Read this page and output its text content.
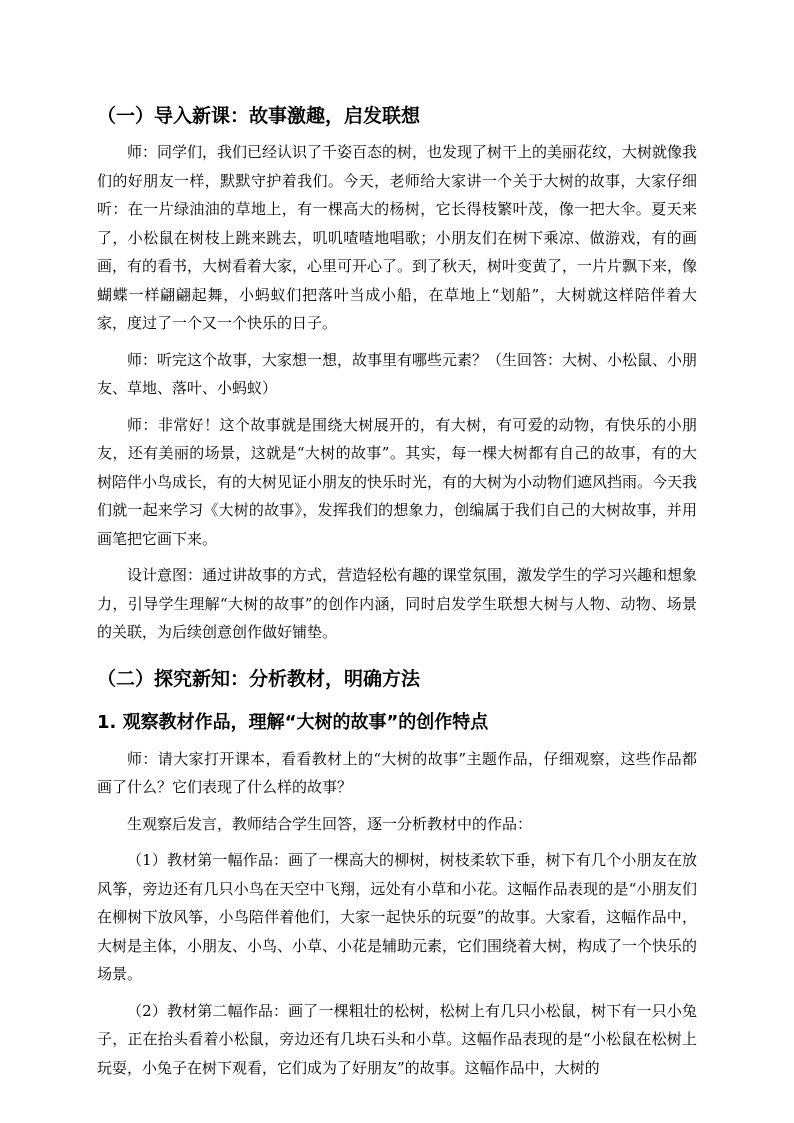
（一）导入新课：故事激趣，启发联想

师：同学们，我们已经认识了千姿百态的树，也发现了树干上的美丽花纹，大树就像我们的好朋友一样，默默守护着我们。今天，老师给大家讲一个关于大树的故事，大家仔细听：在一片绿油油的草地上，有一棵高大的杨树，它长得枝繁叶茂，像一把大伞。夏天来了，小松鼠在树枝上跳来跳去，叽叽喳喳地唱歌；小朋友们在树下乘凉、做游戏，有的画画，有的看书，大树看着大家，心里可开心了。到了秋天，树叶变黄了，一片片飘下来，像蝴蝶一样翩翩起舞，小蚂蚁们把落叶当成小船，在草地上“划船”，大树就这样陪伴着大家，度过了一个又一个快乐的日子。

师：听完这个故事，大家想一想，故事里有哪些元素？（生回答：大树、小松鼠、小朋友、草地、落叶、小蚂蚁）

师：非常好！这个故事就是围绕大树展开的，有大树，有可爱的动物，有快乐的小朋友，还有美丽的场景，这就是“大树的故事”。其实，每一棵大树都有自己的故事，有的大树陪伴小鸟成长，有的大树见证小朋友的快乐时光，有的大树为小动物们遮风挡雨。今天我们就一起来学习《大树的故事》，发挥我们的想象力，创编属于我们自己的大树故事，并用画笔把它画下来。

设计意图：通过讲故事的方式，营造轻松有趣的课堂氛围，激发学生的学习兴趣和想象力，引导学生理解“大树的故事”的创作内涵，同时启发学生联想大树与人物、动物、场景的关联，为后续创意创作做好铺垫。

（二）探究新知：分析教材，明确方法
1. 观察教材作品，理解“大树的故事”的创作特点

师：请大家打开课本，看看教材上的“大树的故事”主题作品，仔细观察，这些作品都画了什么？它们表现了什么样的故事？

生观察后发言，教师结合学生回答，逐一分析教材中的作品：

（1）教材第一幅作品：画了一棵高大的柳树，树枝柔软下垂，树下有几个小朋友在放风筝，旁边还有几只小鸟在天空中飞翔，远处有小草和小花。这幅作品表现的是“小朋友们在柳树下放风筝，小鸟陪伴着他们，大家一起快乐的玩耍”的故事。大家看，这幅作品中，大树是主体，小朋友、小鸟、小草、小花是辅助元素，它们围绕着大树，构成了一个快乐的场景。

（2）教材第二幅作品：画了一棵粗壮的松树，松树上有几只小松鼠，树下有一只小兔子，正在抬头看着小松鼠，旁边还有几块石头和小草。这幅作品表现的是“小松鼠在松树上玩耍，小兔子在树下观看，它们成为了好朋友”的故事。这幅作品中，大树的
